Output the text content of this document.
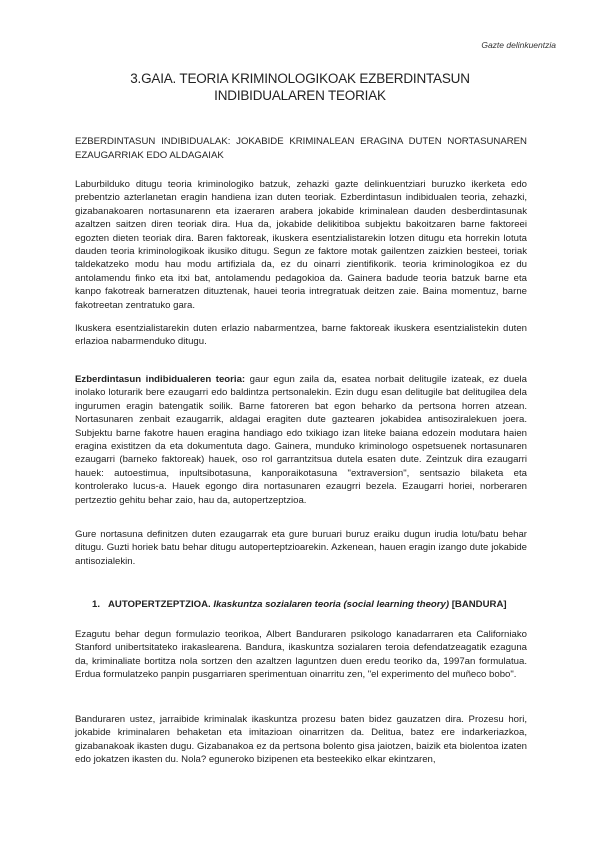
Gazte delinkuentzia
3.GAIA. TEORIA KRIMINOLOGIKOAK EZBERDINTASUN
INDIBIDUALAREN TEORIAK
EZBERDINTASUN INDIBIDUALAK: JOKABIDE KRIMINALEAN ERAGINA DUTEN NORTASUNAREN EZAUGARRIAK EDO ALDAGAIAK

Laburbilduko ditugu teoria kriminologiko batzuk, zehazki gazte delinkuentziari buruzko ikerketa edo prebentzio azterlanetan eragin handiena izan duten teoriak. Ezberdintasun indibidualen teoria, zehazki, gizabanakoaren nortasunarenn eta izaeraren arabera jokabide kriminalean dauden desberdintasunak azaltzen saitzen diren teoriak dira. Hua da, jokabide delikitiboa subjektu bakoitzaren barne faktoreei egozten dieten teoriak dira. Baren faktoreak, ikuskera esentzialistarekin lotzen ditugu eta horrekin lotuta dauden teoria kriminologikoak ikusiko ditugu. Segun ze faktore motak gailentzen zaizkien besteei, toriak taldekatzeko modu hau modu artifiziala da, ez du oinarri zientifikorik. teoria kriminologikoa ez du antolamendu finko eta itxi bat, antolamendu pedagokioa da. Gainera badude teoria batzuk barne eta kanpo fakotreak barneratzen dituztenak, hauei teoria intregratuak deitzen zaie. Baina momentuz, barne fakotreetan zentratuko gara.

Ikuskera esentzialistarekin duten erlazio nabarmentzea, barne faktoreak ikuskera esentzialistekin duten erlazioa nabarmenduko ditugu.

Ezberdintasun indibidualeren teoria: gaur egun zaila da, esatea norbait delitugile izateak, ez duela inolako loturarik bere ezaugarri edo baldintza pertsonalekin. Ezin dugu esan delitugile bat delitugilea dela ingurumen eragin batengatik soilik. Barne fatoreren bat egon beharko da pertsona horren atzean. Nortasunaren zenbait ezaugarrik, aldagai eragiten dute gaztearen jokabidea antisoziralekuen joera. Subjektu barne fakotre hauen eragina handiago edo txikiago izan liteke baiana edozein modutara haien eragina existitzen da eta dokumentuta dago. Gainera, munduko kriminologo ospetsuenek nortasunaren ezaugarri (barneko faktoreak) hauek, oso rol garrantzitsua dutela esaten dute. Zeintzuk dira ezaugarri hauek: autoestimua, inpultsibotasuna, kanporaikotasuna "extraversion", sentsazio bilaketa eta kontrolerako lucus-a. Hauek egongo dira nortasunaren ezaugrri bezela. Ezaugarri horiei, norberaren pertzeztio gehitu behar zaio, hau da, autopertzeptzioa.

Gure nortasuna definitzen duten ezaugarrak eta gure buruari buruz eraiku dugun irudia lotu/batu behar ditugu. Guzti horiek batu behar ditugu autoperteptzioarekin. Azkenean, hauen eragin izango dute jokabide antisozialekin.

1. AUTOPERTZEPTZIOA. Ikaskuntza sozialaren teoria (social learning theory) [BANDURA]

Ezagutu behar degun formulazio teorikoa, Albert Banduraren psikologo kanadarraren eta Californiako Stanford unibertsitateko irakaslearena. Bandura, ikaskuntza sozialaren teroia defendatzeagatik ezaguna da, kriminaliate bortitza nola sortzen den azaltzen laguntzen duen eredu teoriko da, 1997an formulatua. Erdua formulatzeko panpin pusgarriaren sperimentuan oinarritu zen, "el experimento del muñeco bobo".

Banduraren ustez, jarraibide kriminalak ikaskuntza prozesu baten bidez gauzatzen dira. Prozesu hori, jokabide kriminalaren behaketan eta imitazioan oinarritzen da. Delitua, batez ere indarkeriazkoa, gizabanakoak ikasten dugu. Gizabanakoa ez da pertsona bolento gisa jaiotzen, baizik eta biolentoa izaten edo jokatzen ikasten du. Nola? eguneroko bizipenen eta besteekiko elkar ekintzaren,
